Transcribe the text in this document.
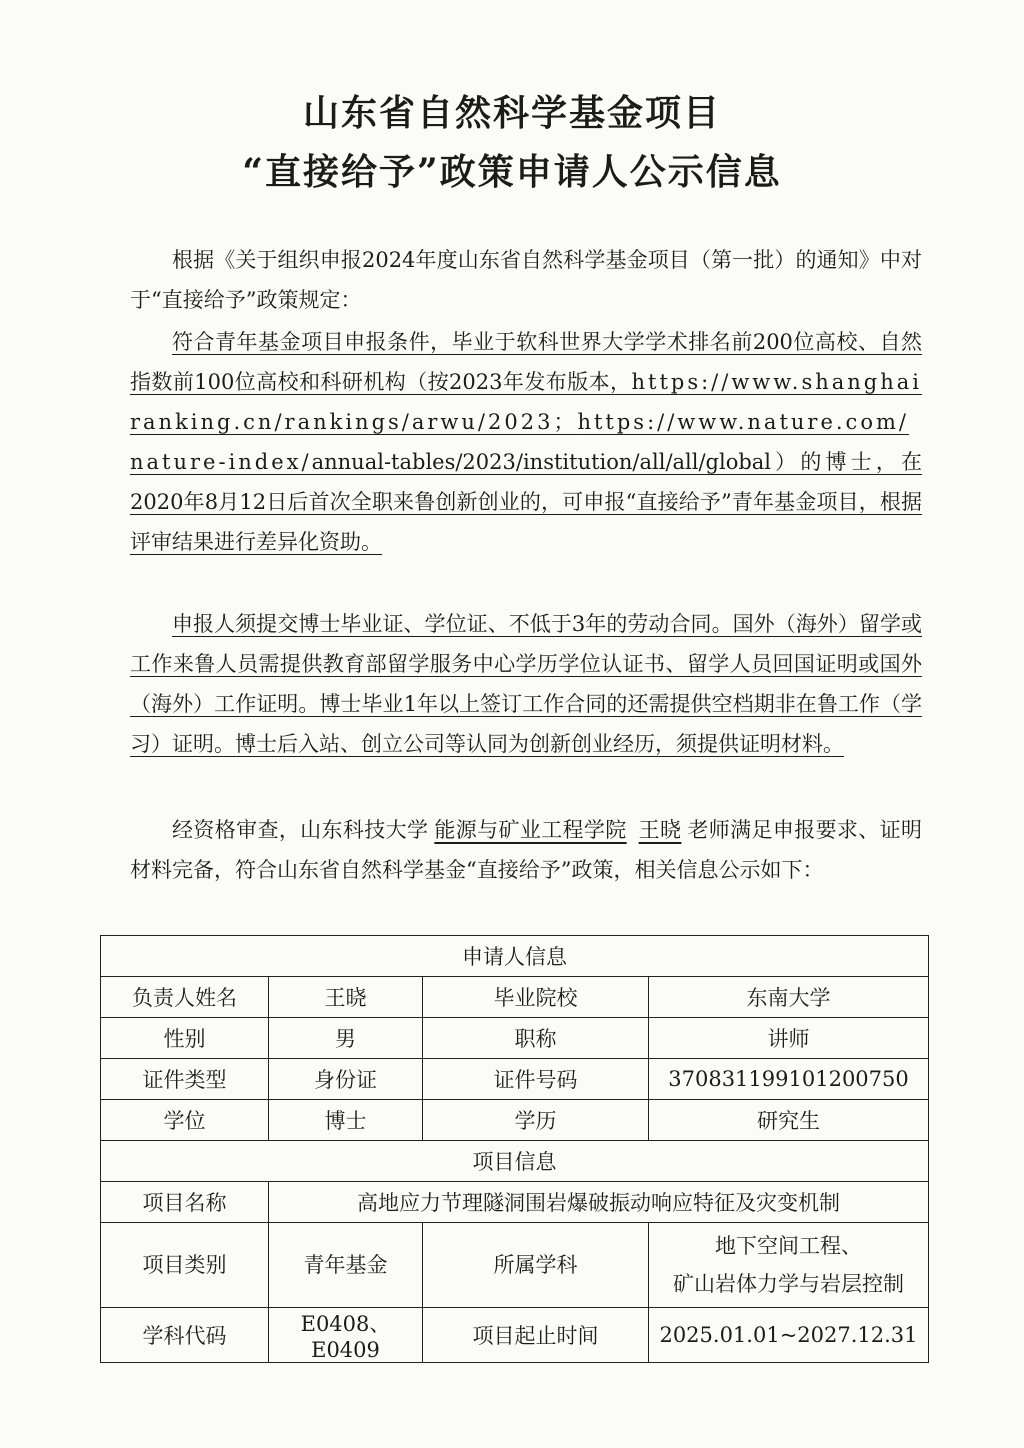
山东省自然科学基金项目
“直接给予”政策申请人公示信息

根据《关于组织申报2024年度山东省自然科学基金项目（第一批）的通知》中对于“直接给予”政策规定：

符合青年基金项目申报条件，毕业于软科世界大学学术排名前200位高校、自然指数前100位高校和科研机构（按2023年发布版本，https://www.shanghairanking.cn/rankings/arwu/2023；https://www.nature.com/nature-index/annual-tables/2023/institution/all/all/global）的博士，在2020年8月12日后首次全职来鲁创新创业的，可申报“直接给予”青年基金项目，根据评审结果进行差异化资助。

申报人须提交博士毕业证、学位证、不低于3年的劳动合同。国外（海外）留学或工作来鲁人员需提供教育部留学服务中心学历学位认证书、留学人员回国证明或国外（海外）工作证明。博士毕业1年以上签订工作合同的还需提供空档期非在鲁工作（学习）证明。博士后入站、创立公司等认同为创新创业经历，须提供证明材料。

经资格审查，山东科技大学 能源与矿业工程学院 王晓 老师满足申报要求、证明材料完备，符合山东省自然科学基金“直接给予”政策，相关信息公示如下：

申请人信息			
负责人姓名	王晓	毕业院校	东南大学
性别	男	职称	讲师
证件类型	身份证	证件号码	370831199101200750
学位	博士	学历	研究生
项目信息			
项目名称	高地应力节理隧洞围岩爆破振动响应特征及灾变机制		
项目类别	青年基金	所属学科	地下空间工程、
矿山岩体力学与岩层控制

学科代码	E0408、E0409	项目起止时间	2025.01.01~2027.12.31
